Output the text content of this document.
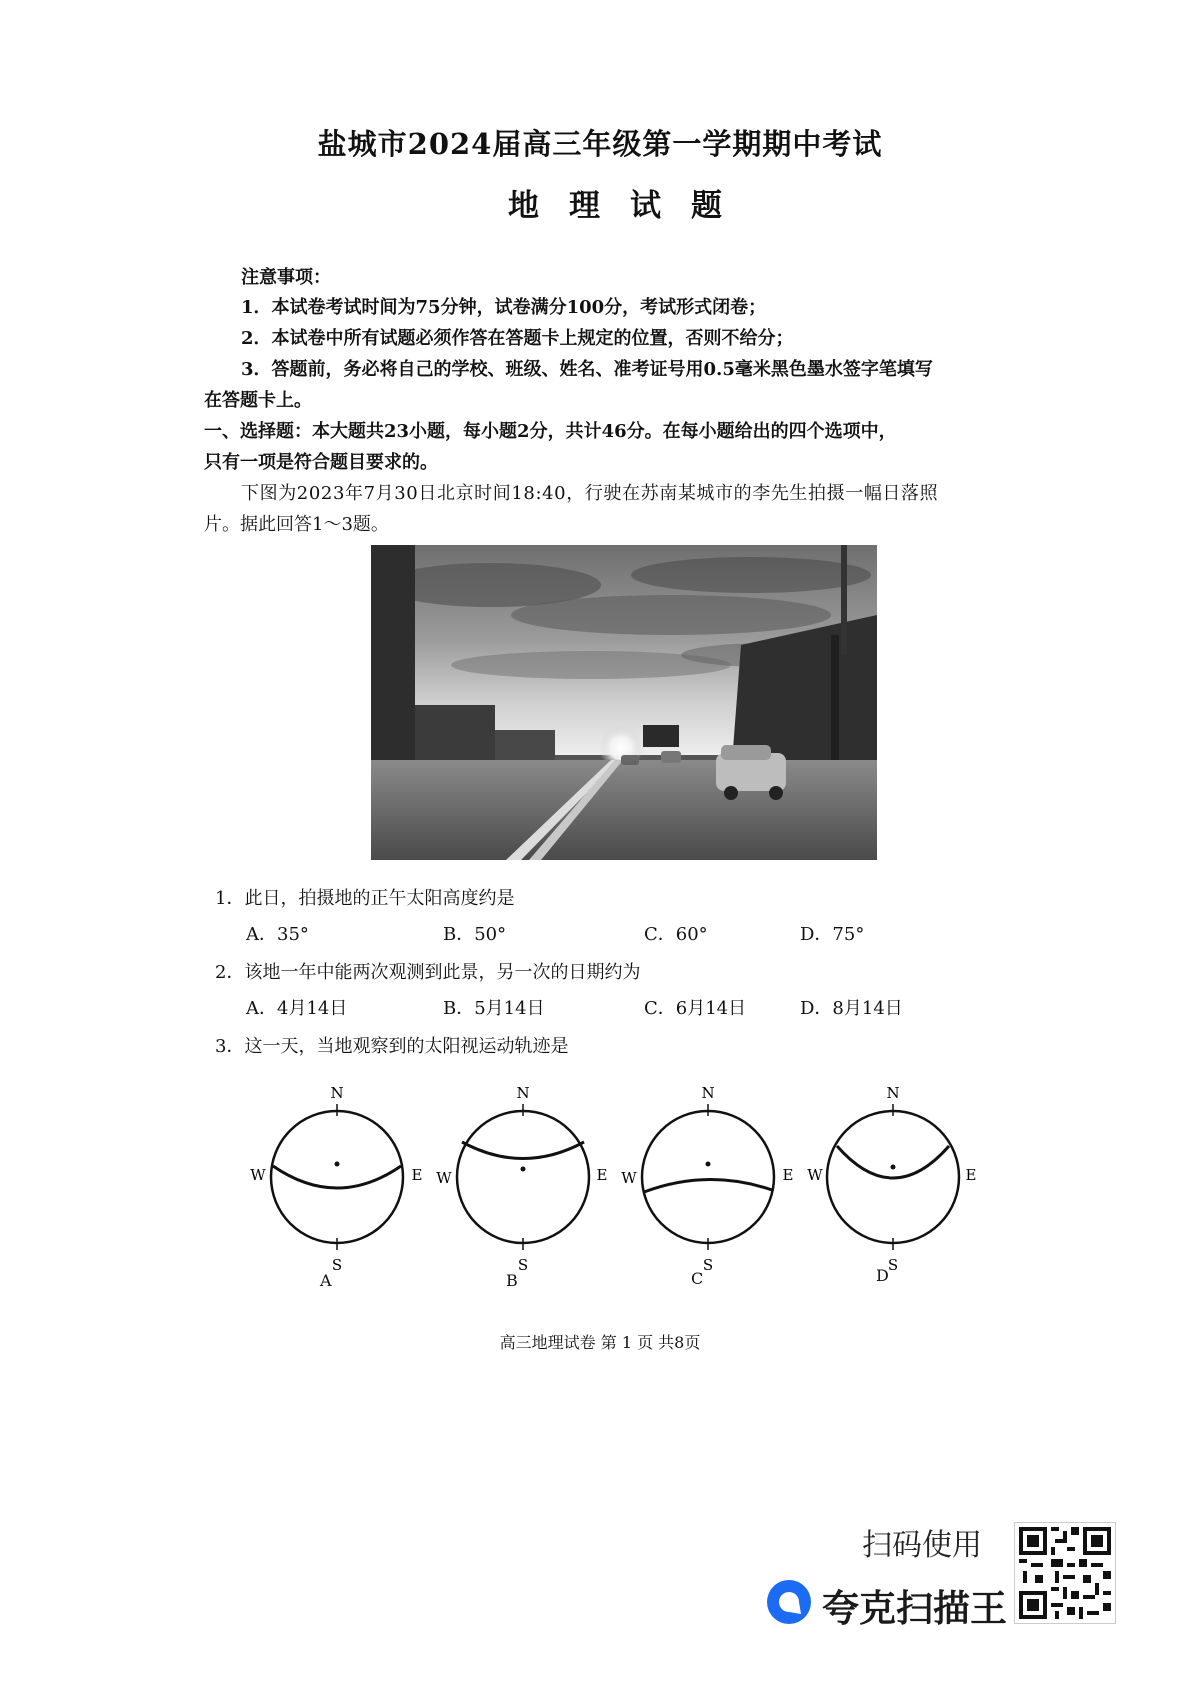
盐城市2024届高三年级第一学期期中考试
地理试题
注意事项：
1．本试卷考试时间为75分钟，试卷满分100分，考试形式闭卷；
2．本试卷中所有试题必须作答在答题卡上规定的位置，否则不给分；
3．答题前，务必将自己的学校、班级、姓名、准考证号用0.5毫米黑色墨水签字笔填写
在答题卡上。
一、选择题：本大题共23小题，每小题2分，共计46分。在每小题给出的四个选项中，
只有一项是符合题目要求的。
下图为2023年7月30日北京时间18:40，行驶在苏南某城市的李先生拍摄一幅日落照
片。据此回答1～3题。
1．此日，拍摄地的正午太阳高度约是
A．35°	B．50°	C．60°	D．75°
2．该地一年中能两次观测到此景，另一次的日期约为
A．4月14日	B．5月14日	C．6月14日	D．8月14日
3．这一天，当地观察到的太阳视运动轨迹是
N
S
W	E
A
N
S
W	E
B
N
S
W	E
C
N
S
W	E
D
高三地理试卷 第 1 页 共8页
扫码使用
夸克扫描王
